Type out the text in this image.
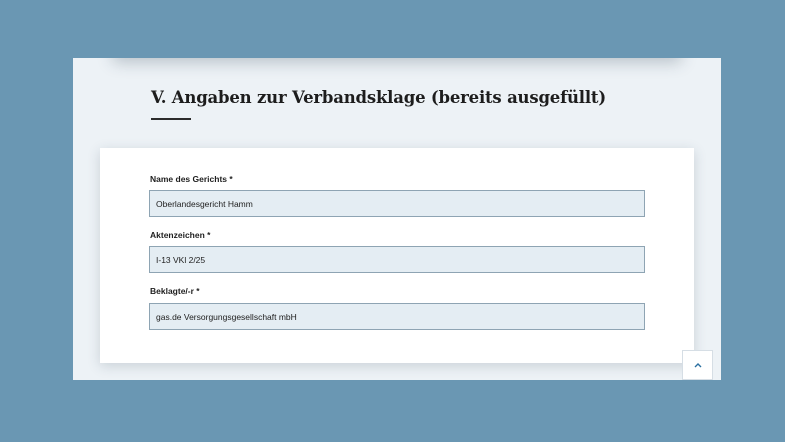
V. Angaben zur Verbandsklage (bereits ausgefüllt)
Name des Gerichts *
Oberlandesgericht Hamm
Aktenzeichen *
I-13 VKl 2/25
Beklagte/-r *
gas.de Versorgungsgesellschaft mbH
